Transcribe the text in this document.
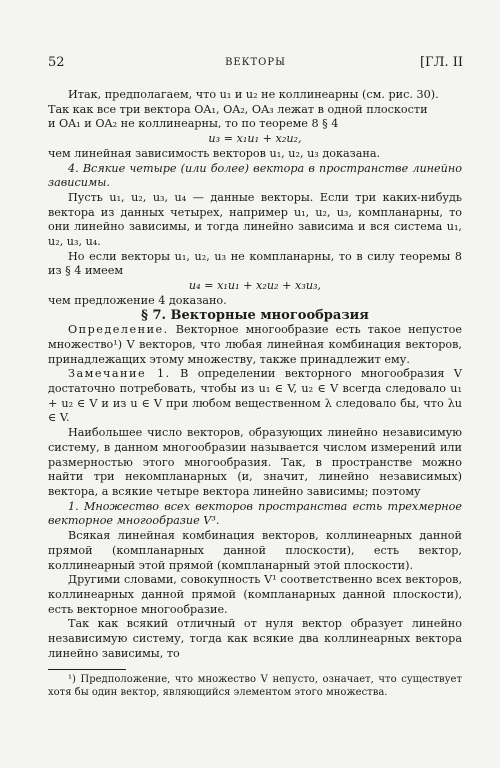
52	ВЕКТОРЫ	[ГЛ. II

Итак, предполагаем, что u₁ и u₂ не коллинеарны (см. рис. 30).

Так как все три вектора OA₁, OA₂, OA₃ лежат в одной плоскости

и OA₁ и OA₂ не коллинеарны, то по теореме 8 § 4

u₃ = x₁u₁ + x₂u₂,

чем линейная зависимость векторов u₁, u₂, u₃ доказана.

4. Всякие четыре (или более) вектора в пространстве линейно зависимы.

Пусть u₁, u₂, u₃, u₄ — данные векторы. Если три каких-нибудь вектора из данных четырех, например u₁, u₂, u₃, компланарны, то они линейно зависимы, и тогда линейно зависима и вся система u₁, u₂, u₃, u₄.

Но если векторы u₁, u₂, u₃ не компланарны, то в силу теоремы 8 из § 4 имеем

u₄ = x₁u₁ + x₂u₂ + x₃u₃,

чем предложение 4 доказано.

§ 7. Векторные многообразия

Определение. Векторное многообразие есть такое непустое множество¹) V векторов, что любая линейная комбинация векторов, принадлежащих этому множеству, также принадлежит ему.

Замечание 1. В определении векторного многообразия V достаточно потребовать, чтобы из u₁ ∈ V, u₂ ∈ V всегда следовало u₁ + u₂ ∈ V и из u ∈ V при любом вещественном λ следовало бы, что λu ∈ V.

Наибольшее число векторов, образующих линейно независимую систему, в данном многообразии называется числом измерений или размерностью этого многообразия. Так, в пространстве можно найти три некомпланарных (и, значит, линейно независимых) вектора, а всякие четыре вектора линейно зависимы; поэтому

1. Множество всех векторов пространства есть трехмерное векторное многообразие V³.

Всякая линейная комбинация векторов, коллинеарных данной прямой (компланарных данной плоскости), есть вектор, коллинеарный этой прямой (компланарный этой плоскости).

Другими словами, совокупность V¹ соответственно всех векторов, коллинеарных данной прямой (компланарных данной плоскости), есть векторное многообразие.

Так как всякий отличный от нуля вектор образует линейно независимую систему, тогда как всякие два коллинеарных вектора линейно зависимы, то

¹) Предположение, что множество V непусто, означает, что существует хотя бы один вектор, являющийся элементом этого множества.
